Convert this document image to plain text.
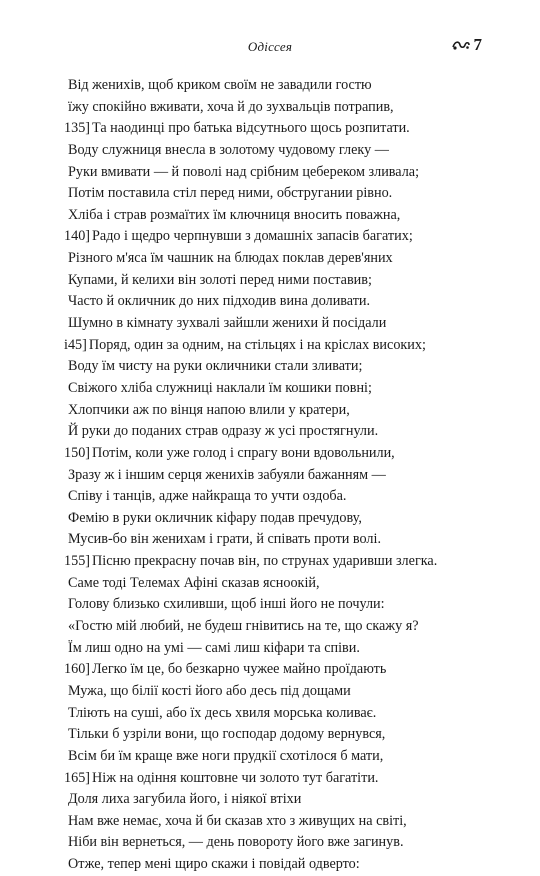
Одіссея	7
Від женихів, щоб криком своїм не завадили гостю
їжу спокійно вживати, хоча й до зухвальців потрапив,
135] Та наодинці про батька відсутнього щось розпитати.
Воду служниця внесла в золотому чудовому глеку —
Руки вмивати — й поволі над срібним цебереком зливала;
Потім поставила стіл перед ними, обстругании рівно.
Хліба і страв розмаїтих їм ключниця вносить поважна,
140] Радо і щедро черпнувши з домашніх запасів багатих;
Різного м'яса їм чашник на блюдах поклав дерев'яних
Купами, й келихи він золоті перед ними поставив;
Часто й окличник до них підходив вина доливати.
Шумно в кімнату зухвалі зайшли женихи й посідали
і45] Поряд, один за одним, на стільцях і на кріслах високих;
Воду їм чисту на руки окличники стали зливати;
Свіжого хліба служниці наклали їм кошики повні;
Хлопчики аж по вінця напою влили у кратери,
Й руки до поданих страв одразу ж усі простягнули.
150] Потім, коли уже голод і спрагу вони вдовольнили,
Зразу ж і іншим серця женихів забуяли бажанням —
Співу і танців, адже найкраща то учти оздоба.
Фемію в руки окличник кіфару подав пречудову,
Мусив-бо він женихам і грати, й співать проти волі.
155] Пісню прекрасну почав він, по струнах ударивши злегка.
Саме тоді Телемах Афіні сказав ясноокій,
Голову близько схиливши, щоб інші його не почули:
«Гостю мій любий, не будеш гнівитись на те, що скажу я?
Їм лиш одно на умі — самі лиш кіфари та співи.
160] Легко їм це, бо безкарно чужее майно проїдають
Мужа, що білії кості його або десь під дощами
Тліють на суші, або їх десь хвиля морська коливає.
Тільки б узріли вони, що господар додому вернувся,
Всім би їм краще вже ноги прудкії схотілося б мати,
165] Ніж на одіння коштовне чи золото тут багатіти.
Доля лиха загубила його, і ніякої втіхи
Нам вже немає, хоча й би сказав хто з живущих на світі,
Ніби він вернеться, — день повороту його вже загинув.
Отже, тепер мені щиро скажи і повідай одверто:
